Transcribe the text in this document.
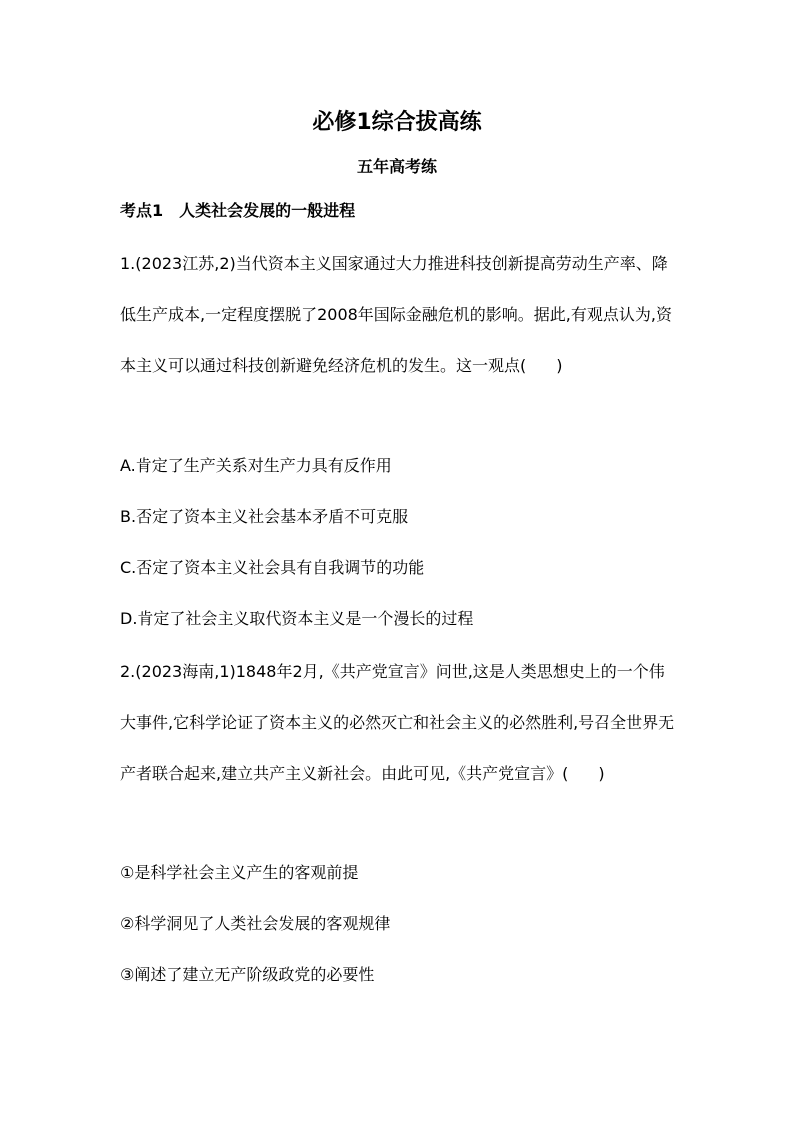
必修1综合拔高练
五年高考练
考点1　人类社会发展的一般进程
1.(2023江苏,2)当代资本主义国家通过大力推进科技创新提高劳动生产率、降低生产成本,一定程度摆脱了2008年国际金融危机的影响。据此,有观点认为,资本主义可以通过科技创新避免经济危机的发生。这一观点( )
A.肯定了生产关系对生产力具有反作用
B.否定了资本主义社会基本矛盾不可克服
C.否定了资本主义社会具有自我调节的功能
D.肯定了社会主义取代资本主义是一个漫长的过程
2.(2023海南,1)1848年2月,《共产党宣言》问世,这是人类思想史上的一个伟大事件,它科学论证了资本主义的必然灭亡和社会主义的必然胜利,号召全世界无产者联合起来,建立共产主义新社会。由此可见,《共产党宣言》( )
①是科学社会主义产生的客观前提
②科学洞见了人类社会发展的客观规律
③阐述了建立无产阶级政党的必要性
